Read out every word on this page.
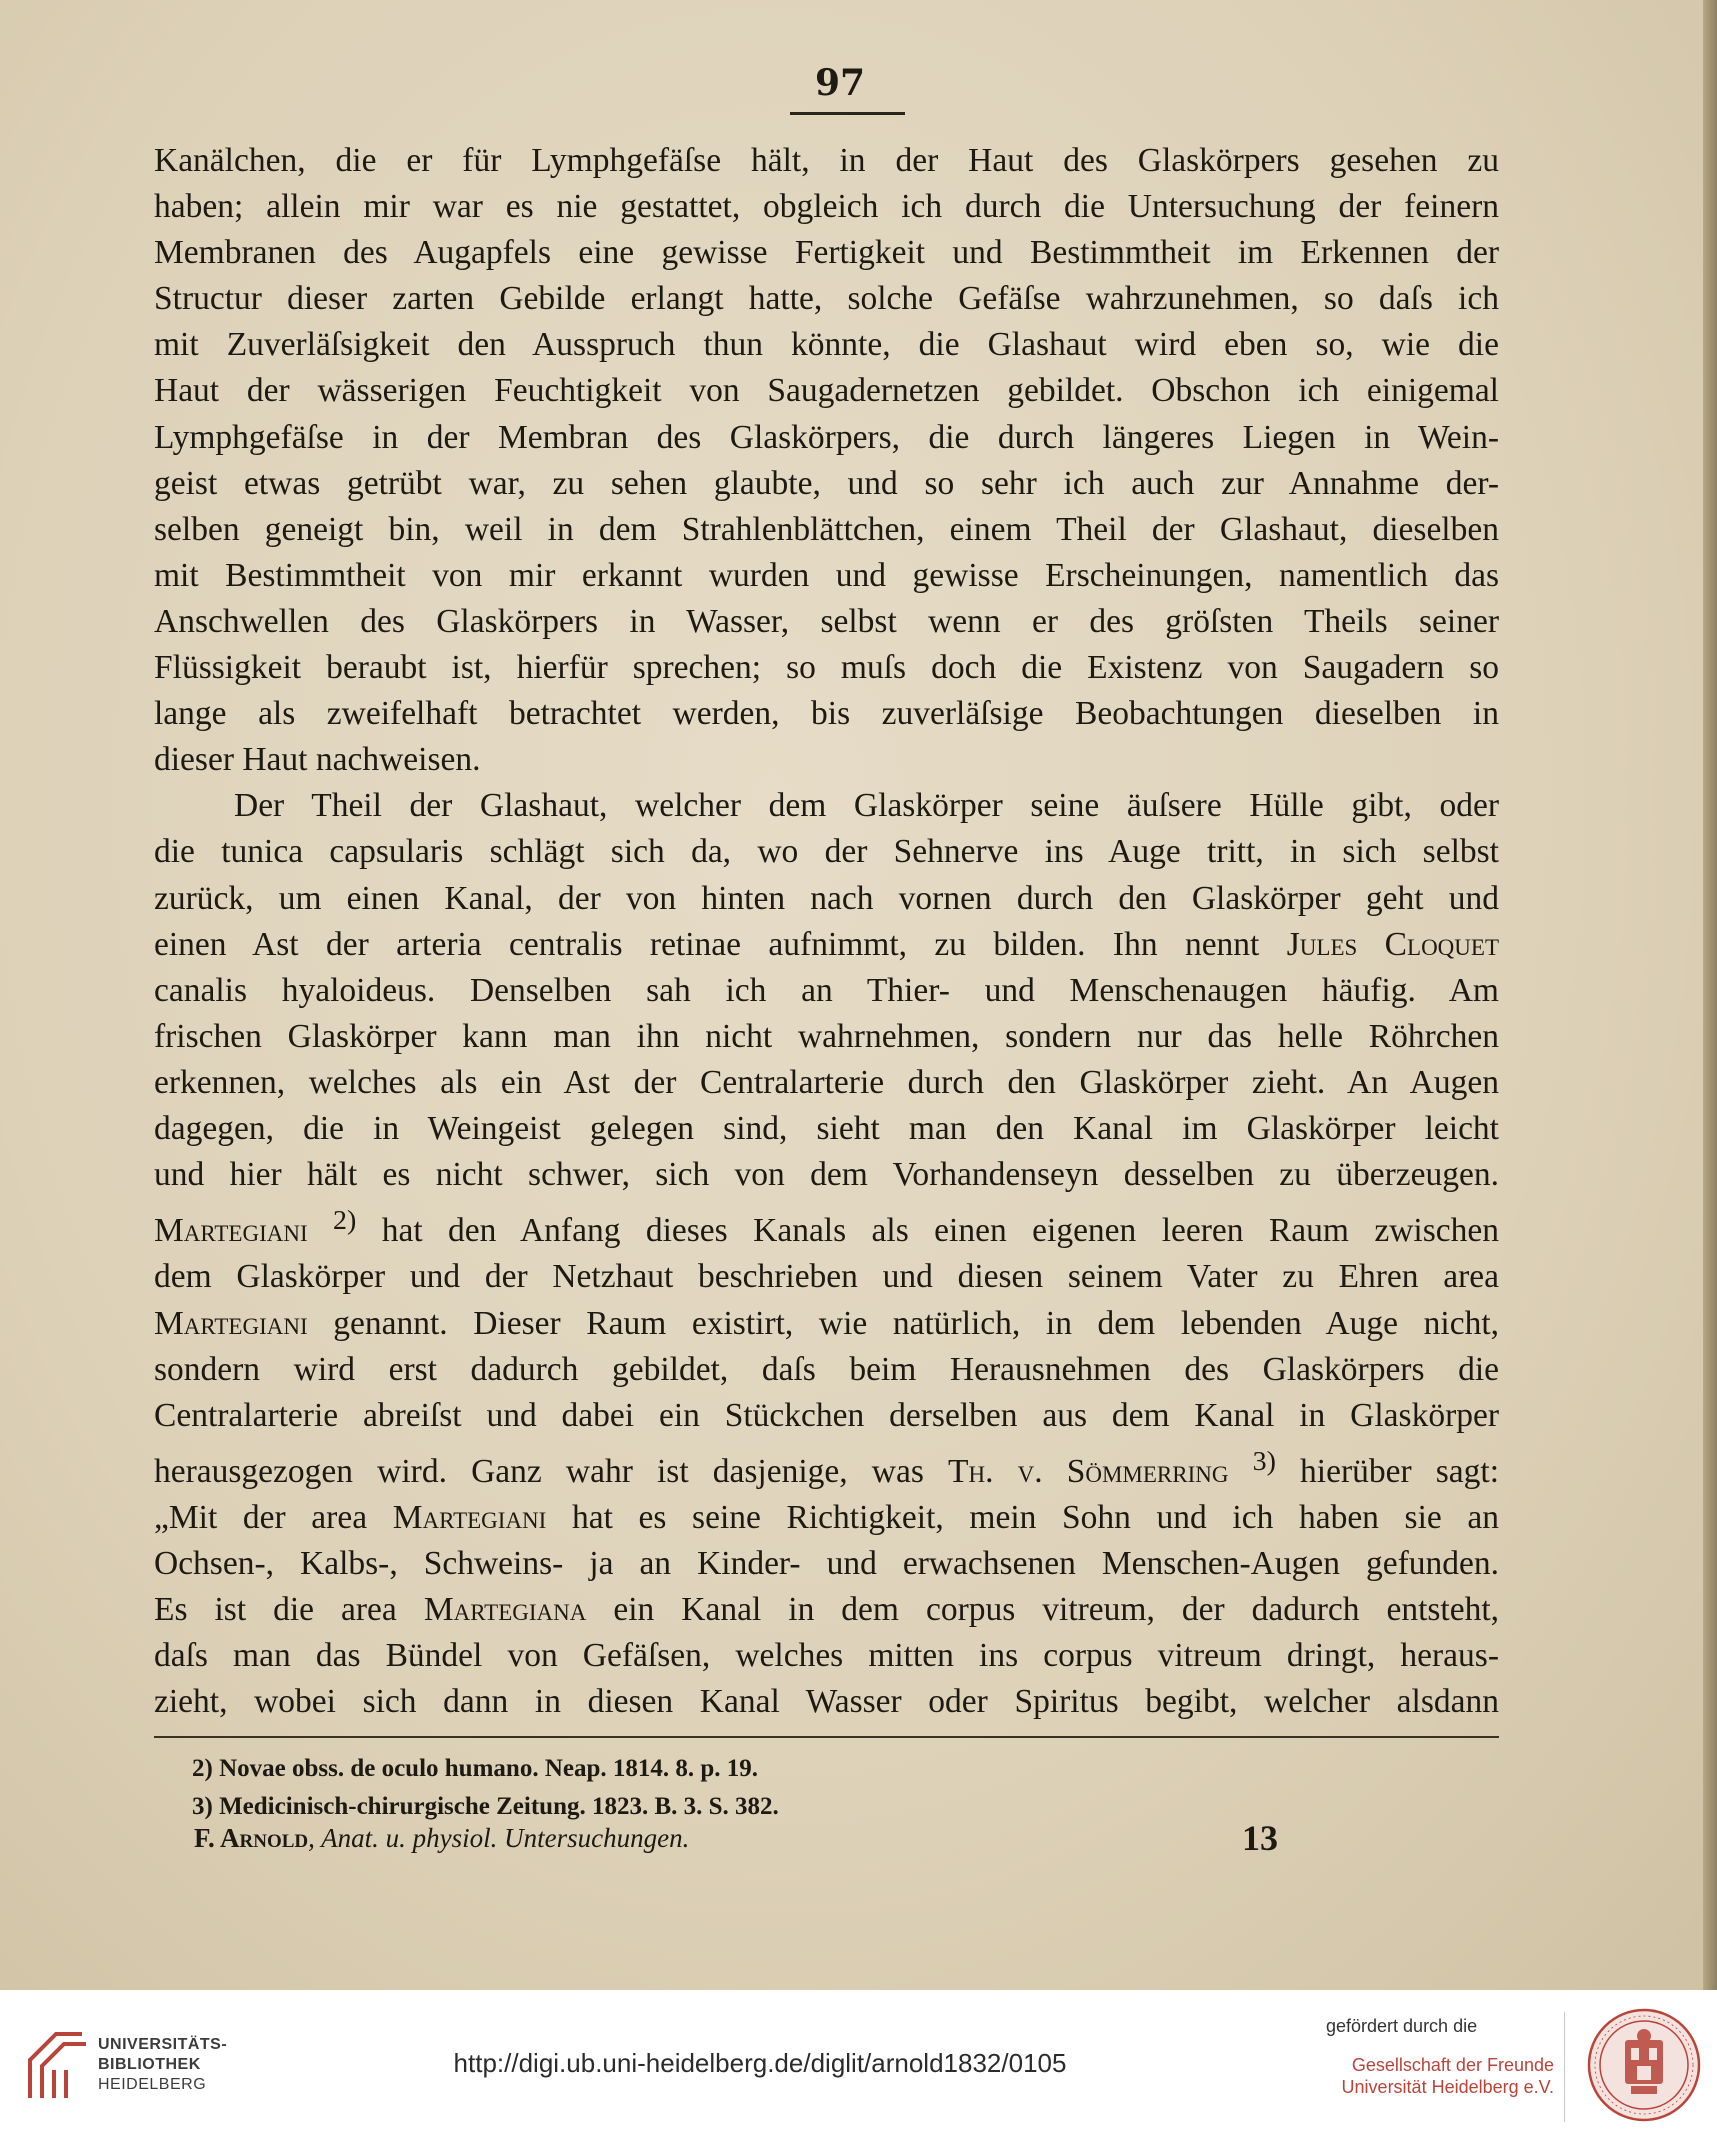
97
Kanälchen, die er für Lymphgefäſse hält, in der Haut des Glaskörpers gesehen zu
haben; allein mir war es nie gestattet, obgleich ich durch die Untersuchung der feinern
Membranen des Augapfels eine gewisse Fertigkeit und Bestimmtheit im Erkennen der
Structur dieser zarten Gebilde erlangt hatte, solche Gefäſse wahrzunehmen, so daſs ich
mit Zuverläſsigkeit den Ausspruch thun könnte, die Glashaut wird eben so, wie die
Haut der wässerigen Feuchtigkeit von Saugadernetzen gebildet. Obschon ich einigemal
Lymphgefäſse in der Membran des Glaskörpers, die durch längeres Liegen in Wein-
geist etwas getrübt war, zu sehen glaubte, und so sehr ich auch zur Annahme der-
selben geneigt bin, weil in dem Strahlenblättchen, einem Theil der Glashaut, dieselben
mit Bestimmtheit von mir erkannt wurden und gewisse Erscheinungen, namentlich das
Anschwellen des Glaskörpers in Wasser, selbst wenn er des gröſsten Theils seiner
Flüssigkeit beraubt ist, hierfür sprechen; so muſs doch die Existenz von Saugadern so
lange als zweifelhaft betrachtet werden, bis zuverläſsige Beobachtungen dieselben in
dieser Haut nachweisen.
Der Theil der Glashaut, welcher dem Glaskörper seine äuſsere Hülle gibt, oder
die tunica capsularis schlägt sich da, wo der Sehnerve ins Auge tritt, in sich selbst
zurück, um einen Kanal, der von hinten nach vornen durch den Glaskörper geht und
einen Ast der arteria centralis retinae aufnimmt, zu bilden. Ihn nennt Jules Cloquet
canalis hyaloideus. Denselben sah ich an Thier- und Menschenaugen häufig. Am
frischen Glaskörper kann man ihn nicht wahrnehmen, sondern nur das helle Röhrchen
erkennen, welches als ein Ast der Centralarterie durch den Glaskörper zieht. An Augen
dagegen, die in Weingeist gelegen sind, sieht man den Kanal im Glaskörper leicht
und hier hält es nicht schwer, sich von dem Vorhandenseyn desselben zu überzeugen.
Martegiani $^{2)}$ hat den Anfang dieses Kanals als einen eigenen leeren Raum zwischen
dem Glaskörper und der Netzhaut beschrieben und diesen seinem Vater zu Ehren area
Martegiani genannt. Dieser Raum existirt, wie natürlich, in dem lebenden Auge nicht,
sondern wird erst dadurch gebildet, daſs beim Herausnehmen des Glaskörpers die
Centralarterie abreiſst und dabei ein Stückchen derselben aus dem Kanal in Glaskörper
herausgezogen wird. Ganz wahr ist dasjenige, was Th. v. Sömmerring $^{3)}$ hierüber sagt:
„Mit der area Martegiani hat es seine Richtigkeit, mein Sohn und ich haben sie an
Ochsen-, Kalbs-, Schweins- ja an Kinder- und erwachsenen Menschen-Augen gefunden.
Es ist die area Martegiana ein Kanal in dem corpus vitreum, der dadurch entsteht,
daſs man das Bündel von Gefäſsen, welches mitten ins corpus vitreum dringt, heraus-
zieht, wobei sich dann in diesen Kanal Wasser oder Spiritus begibt, welcher alsdann
2) Novae obss. de oculo humano. Neap. 1814. 8. p. 19.
3) Medicinisch-chirurgische Zeitung. 1823. B. 3. S. 382.
F. Arnold, Anat. u. physiol. Untersuchungen.	13
UNIVERSITÄTS-
BIBLIOTHEK
HEIDELBERG
http://digi.ub.uni-heidelberg.de/diglit/arnold1832/0105
gefördert durch die
Gesellschaft der Freunde
Universität Heidelberg e.V.
